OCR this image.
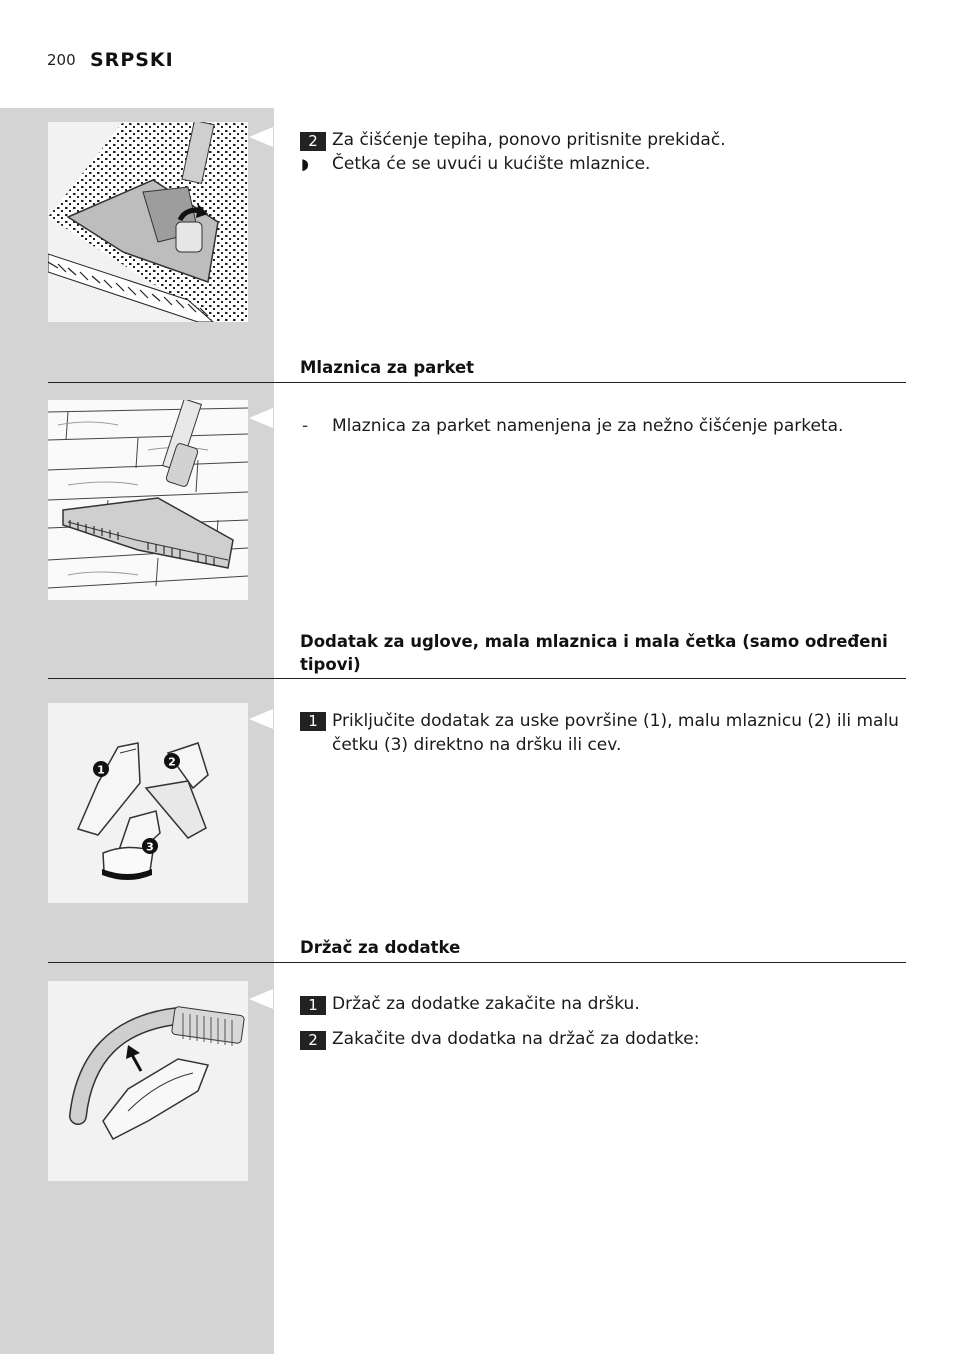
200 SRPSKI
2 Za čišćenje tepiha, ponovo pritisnite prekidač.
◗ Četka će se uvući u kućište mlaznice.
Mlaznica za parket
- Mlaznica za parket namenjena je za nežno čišćenje parketa.
Dodatak za uglove, mala mlaznica i mala četka (samo određeni tipovi)
1
2
3
1 Priključite dodatak za uske površine (1), malu mlaznicu (2) ili malu
četku (3) direktno na dršku ili cev.
Držač za dodatke
1 Držač za dodatke zakačite na dršku.
2 Zakačite dva dodatka na držač za dodatke:
